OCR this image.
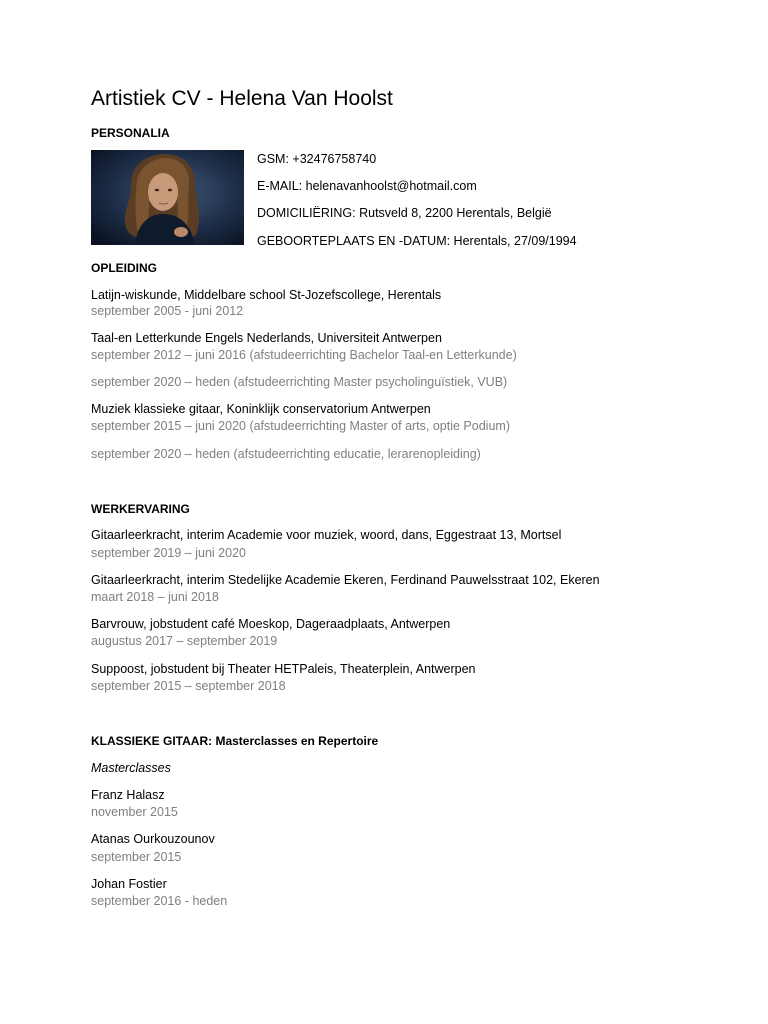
Artistiek CV - Helena Van Hoolst
PERSONALIA
GSM: +32476758740
E-MAIL: helenavanhoolst@hotmail.com
DOMICILIËRING: Rutsveld 8, 2200 Herentals, België
GEBOORTEPLAATS EN -DATUM: Herentals, 27/09/1994
OPLEIDING
Latijn-wiskunde, Middelbare school St-Jozefscollege, Herentals
september 2005 - juni 2012
Taal-en Letterkunde Engels Nederlands, Universiteit Antwerpen
september 2012 – juni 2016 (afstudeerrichting Bachelor Taal-en Letterkunde)
september 2020 – heden (afstudeerrichting Master psycholinguïstiek, VUB)
Muziek klassieke gitaar, Koninklijk conservatorium Antwerpen
september 2015 – juni 2020 (afstudeerrichting Master of arts, optie Podium)
september 2020 – heden (afstudeerrichting educatie, lerarenopleiding)
WERKERVARING
Gitaarleerkracht, interim Academie voor muziek, woord, dans, Eggestraat 13, Mortsel
september 2019 – juni 2020
Gitaarleerkracht, interim Stedelijke Academie Ekeren, Ferdinand Pauwelsstraat 102, Ekeren
maart 2018 – juni 2018
Barvrouw, jobstudent café Moeskop, Dageraadplaats, Antwerpen
augustus 2017 – september 2019
Suppoost, jobstudent bij Theater HETPaleis, Theaterplein, Antwerpen
september 2015 – september 2018
KLASSIEKE GITAAR: Masterclasses en Repertoire
Masterclasses
Franz Halasz
november 2015
Atanas Ourkouzounov
september 2015
Johan Fostier
september 2016 - heden
